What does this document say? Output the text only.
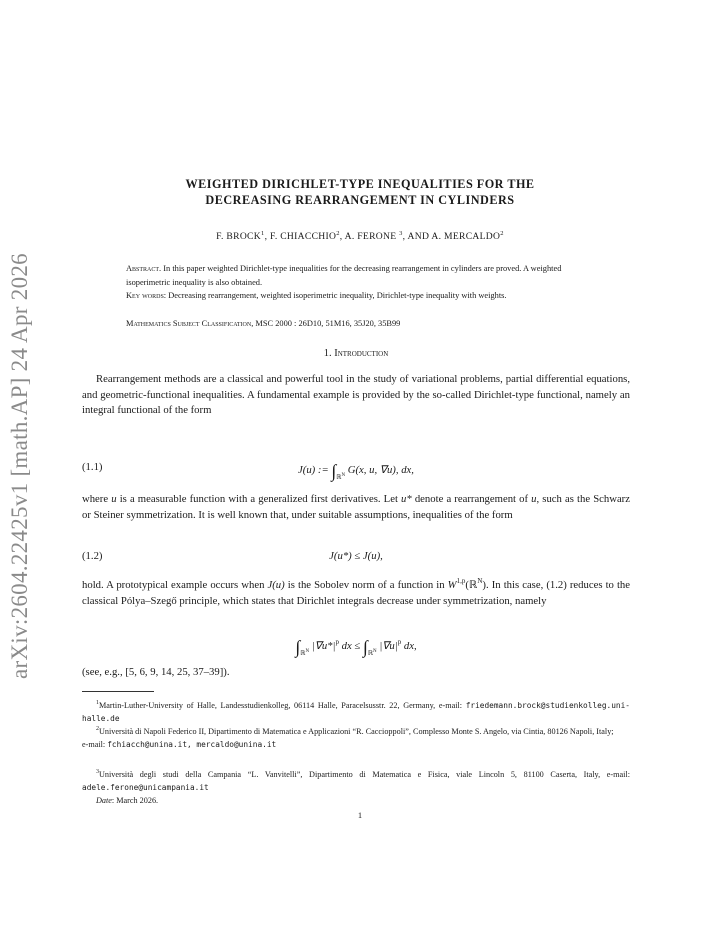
arXiv:2604.22425v1 [math.AP] 24 Apr 2026
WEIGHTED DIRICHLET-TYPE INEQUALITIES FOR THE
DECREASING REARRANGEMENT IN CYLINDERS
F. BROCK$^1$, F. CHIACCHIO$^2$, A. FERONE $^3$, AND A. MERCALDO$^2$
Abstract. In this paper weighted Dirichlet-type inequalities for the decreasing rearrangement in cylinders are proved. A weighted isoperimetric inequality is also obtained.
Key words: Decreasing rearrangement, weighted isoperimetric inequality, Dirichlet-type inequality with weights.
Mathematics Subject Classification, MSC 2000 : 26D10, 51M16, 35J20, 35B99
1. Introduction
Rearrangement methods are a classical and powerful tool in the study of variational problems, partial differential equations, and geometric-functional inequalities. A fundamental example is provided by the so-called Dirichlet-type functional, namely an integral functional of the form
(1.1)	J(u) := $\int_{ℝN}$ G(x, u, ∇u), dx,
where u is a measurable function with a generalized first derivatives. Let u* denote a rearrangement of u, such as the Schwarz or Steiner symmetrization. It is well known that, under suitable assumptions, inequalities of the form
(1.2)	J(u*) ≤ J(u),
hold. A prototypical example occurs when J(u) is the Sobolev norm of a function in W$^{1,p}$(ℝ$^N$). In this case, (1.2) reduces to the classical Pólya–Szegő principle, which states that Dirichlet integrals decrease under symmetrization, namely
$\int_{ℝN}$ $|\nabla u*|^p$ dx ≤ $\int_{ℝN}$ $|\nabla u|^p$ dx,
(see, e.g., [5, 6, 9, 14, 25, 37–39]).
$^1$Martin-Luther-University of Halle, Landesstudienkolleg, 06114 Halle, Paracelsusstr. 22, Germany, e-mail: friedemann.brock@studienkolleg.uni-halle.de
$^2$Università di Napoli Federico II, Dipartimento di Matematica e Applicazioni “R. Caccioppoli”, Complesso Monte S. Angelo, via Cintia, 80126 Napoli, Italy;
e-mail: fchiacch@unina.it, mercaldo@unina.it
$^3$Università degli studi della Campania “L. Vanvitelli”, Dipartimento di Matematica e Fisica, viale Lincoln 5, 81100 Caserta, Italy, e-mail: adele.ferone@unicampania.it
Date: March 2026.
1
